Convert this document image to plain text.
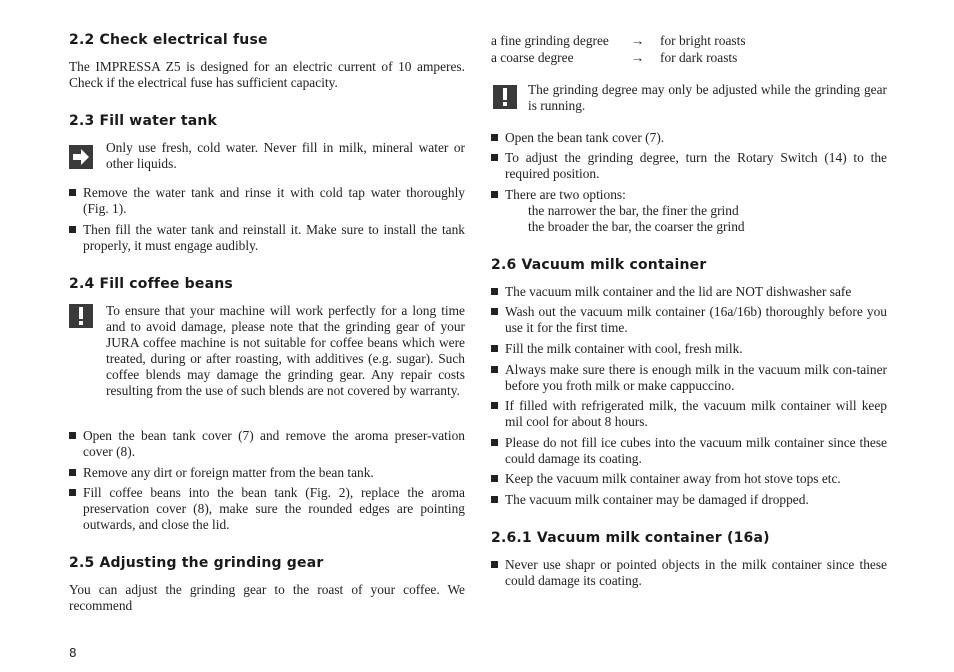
2.2 Check electrical fuse
The IMPRESSA Z5 is designed for an electric current of 10 amperes. Check if the electrical fuse has sufficient capacity.
2.3 Fill water tank
Only use fresh, cold water. Never fill in milk, mineral water or other liquids.
Remove the water tank and rinse it with cold tap water thoroughly (Fig. 1).
Then fill the water tank and reinstall it. Make sure to install the tank properly, it must engage audibly.
2.4 Fill coffee beans
To ensure that your machine will work perfectly for a long time and to avoid damage, please note that the grinding gear of your JURA coffee machine is not suitable for coffee beans which were treated, during or after roasting, with additives (e.g. sugar). Such coffee blends may damage the grinding gear. Any repair costs resulting from the use of such blends are not covered by warranty.
Open the bean tank cover (7) and remove the aroma preser-vation cover (8).
Remove any dirt or foreign matter from the bean tank.
Fill coffee beans into the bean tank (Fig. 2), replace the aroma preservation cover (8), make sure the rounded edges are pointing outwards, and close the lid.
2.5 Adjusting the grinding gear
You can adjust the grinding gear to the roast of your coffee. We recommend
a fine grinding degree → for bright roasts
a coarse degree	→ for dark roasts
The grinding degree may only be adjusted while the grinding gear is running.
Open the bean tank cover (7).
To adjust the grinding degree, turn the Rotary Switch (14) to the required position.
There are two options:
the narrower the bar, the finer the grind
the broader the bar, the coarser the grind
2.6 Vacuum milk container
The vacuum milk container and the lid are NOT dishwasher safe
Wash out the vacuum milk container (16a/16b) thoroughly before you use it for the first time.
Fill the milk container with cool, fresh milk.
Always make sure there is enough milk in the vacuum milk con-tainer before you froth milk or make cappuccino.
If filled with refrigerated milk, the vacuum milk container will keep mil cool for about 8 hours.
Please do not fill ice cubes into the vacuum milk container since these could damage its coating.
Keep the vacuum milk container away from hot stove tops etc.
The vacuum milk container may be damaged if dropped.
2.6.1 Vacuum milk container (16a)
Never use shapr or pointed objects in the milk container since these could damage its coating.
8
